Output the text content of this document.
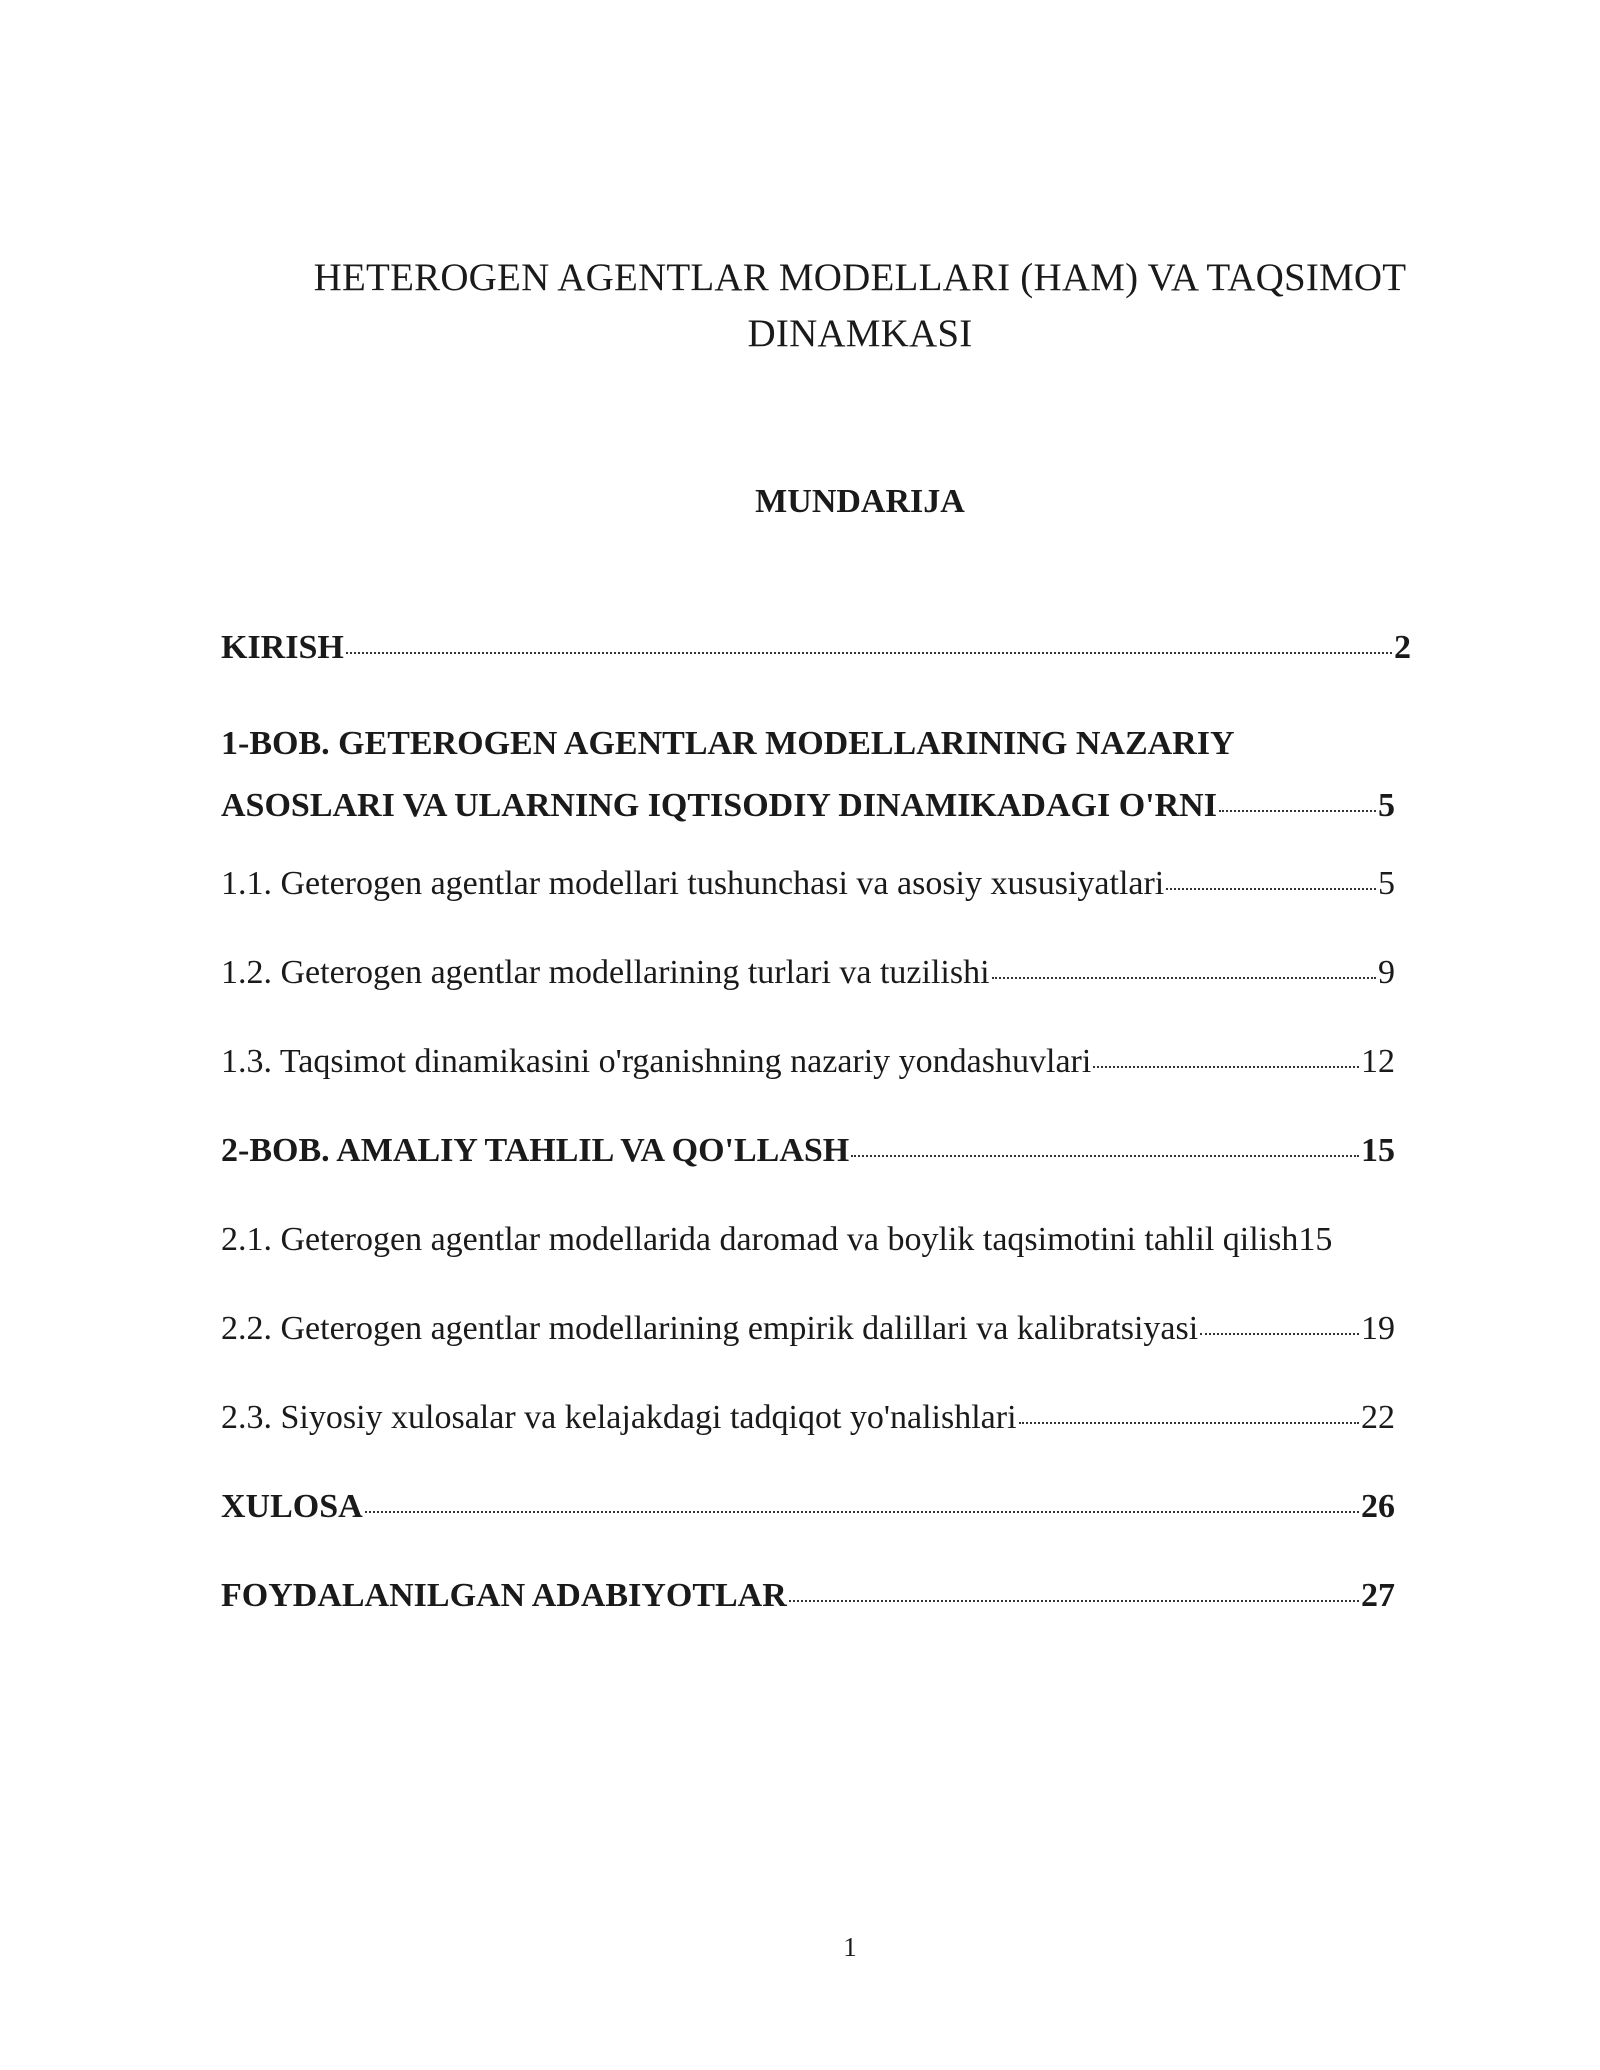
HETEROGEN AGENTLAR MODELLARI (HAM) VA TAQSIMOT
DINAMKASI
MUNDARIJA
KIRISH	2
1-BOB. GETEROGEN AGENTLAR MODELLARINING NAZARIY
ASOSLARI VA ULARNING IQTISODIY DINAMIKADAGI O'RNI	5
1.1. Geterogen agentlar modellari tushunchasi va asosiy xususiyatlari	5
1.2. Geterogen agentlar modellarining turlari va tuzilishi	9
1.3. Taqsimot dinamikasini o'rganishning nazariy yondashuvlari	12
2-BOB. AMALIY TAHLIL VA QO'LLASH	15
2.1. Geterogen agentlar modellarida daromad va boylik taqsimotini tahlil qilish 15
2.2. Geterogen agentlar modellarining empirik dalillari va kalibratsiyasi	19
2.3. Siyosiy xulosalar va kelajakdagi tadqiqot yo'nalishlari	22
XULOSA	26
FOYDALANILGAN ADABIYOTLAR	27
1
